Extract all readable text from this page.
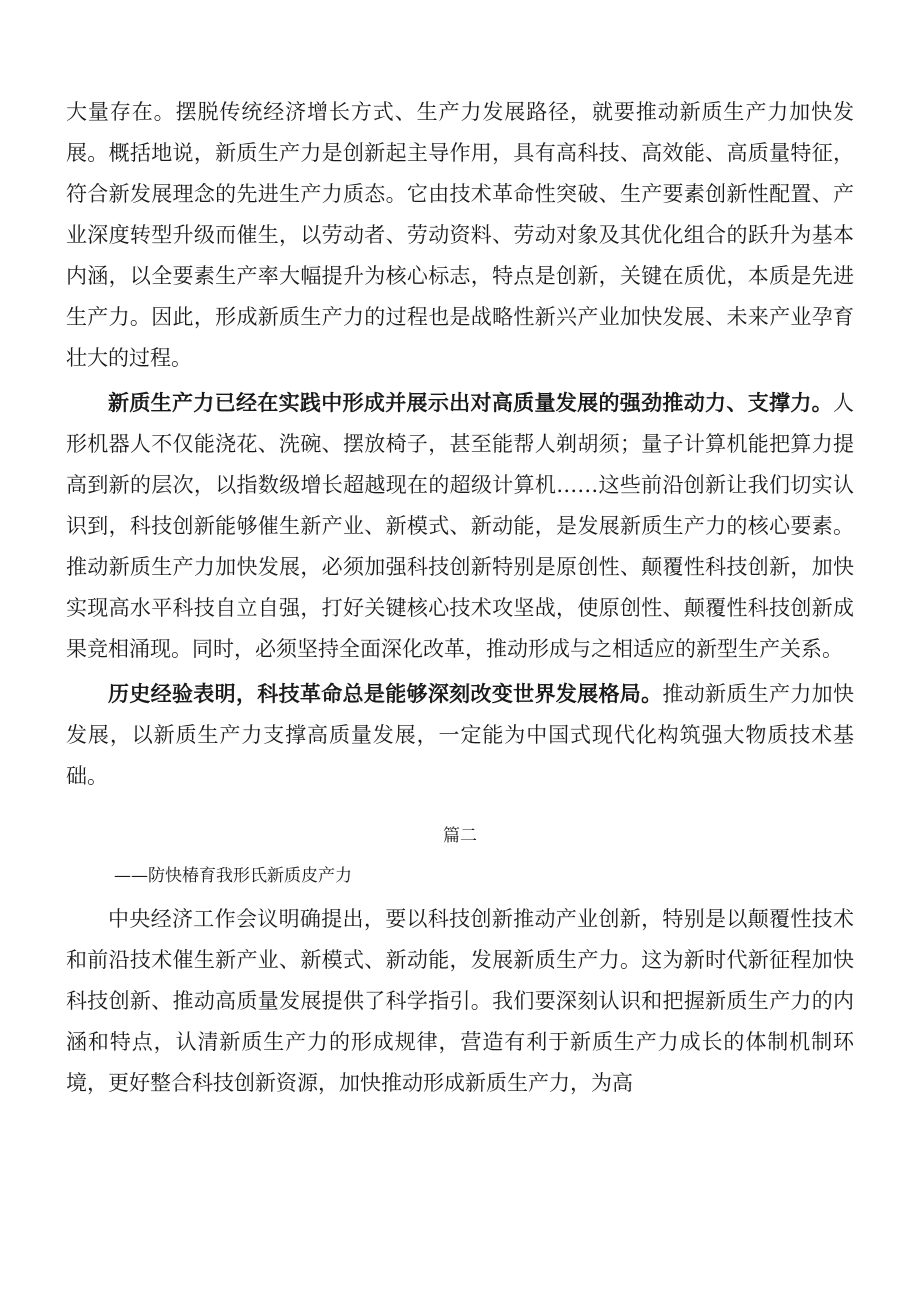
大量存在。摆脱传统经济增长方式、生产力发展路径，就要推动新质生产力加快发展。概括地说，新质生产力是创新起主导作用，具有高科技、高效能、高质量特征，符合新发展理念的先进生产力质态。它由技术革命性突破、生产要素创新性配置、产业深度转型升级而催生，以劳动者、劳动资料、劳动对象及其优化组合的跃升为基本内涵，以全要素生产率大幅提升为核心标志，特点是创新，关键在质优，本质是先进生产力。因此，形成新质生产力的过程也是战略性新兴产业加快发展、未来产业孕育壮大的过程。

新质生产力已经在实践中形成并展示出对高质量发展的强劲推动力、支撑力。人形机器人不仅能浇花、洗碗、摆放椅子，甚至能帮人剃胡须；量子计算机能把算力提高到新的层次，以指数级增长超越现在的超级计算机……这些前沿创新让我们切实认识到，科技创新能够催生新产业、新模式、新动能，是发展新质生产力的核心要素。推动新质生产力加快发展，必须加强科技创新特别是原创性、颠覆性科技创新，加快实现高水平科技自立自强，打好关键核心技术攻坚战，使原创性、颠覆性科技创新成果竞相涌现。同时，必须坚持全面深化改革，推动形成与之相适应的新型生产关系。

历史经验表明，科技革命总是能够深刻改变世界发展格局。推动新质生产力加快发展，以新质生产力支撑高质量发展，一定能为中国式现代化构筑强大物质技术基础。

篇二
——防快椿育我形氏新质皮产力

中央经济工作会议明确提出，要以科技创新推动产业创新，特别是以颠覆性技术和前沿技术催生新产业、新模式、新动能，发展新质生产力。这为新时代新征程加快科技创新、推动高质量发展提供了科学指引。我们要深刻认识和把握新质生产力的内涵和特点，认清新质生产力的形成规律，营造有利于新质生产力成长的体制机制环境，更好整合科技创新资源，加快推动形成新质生产力，为高
